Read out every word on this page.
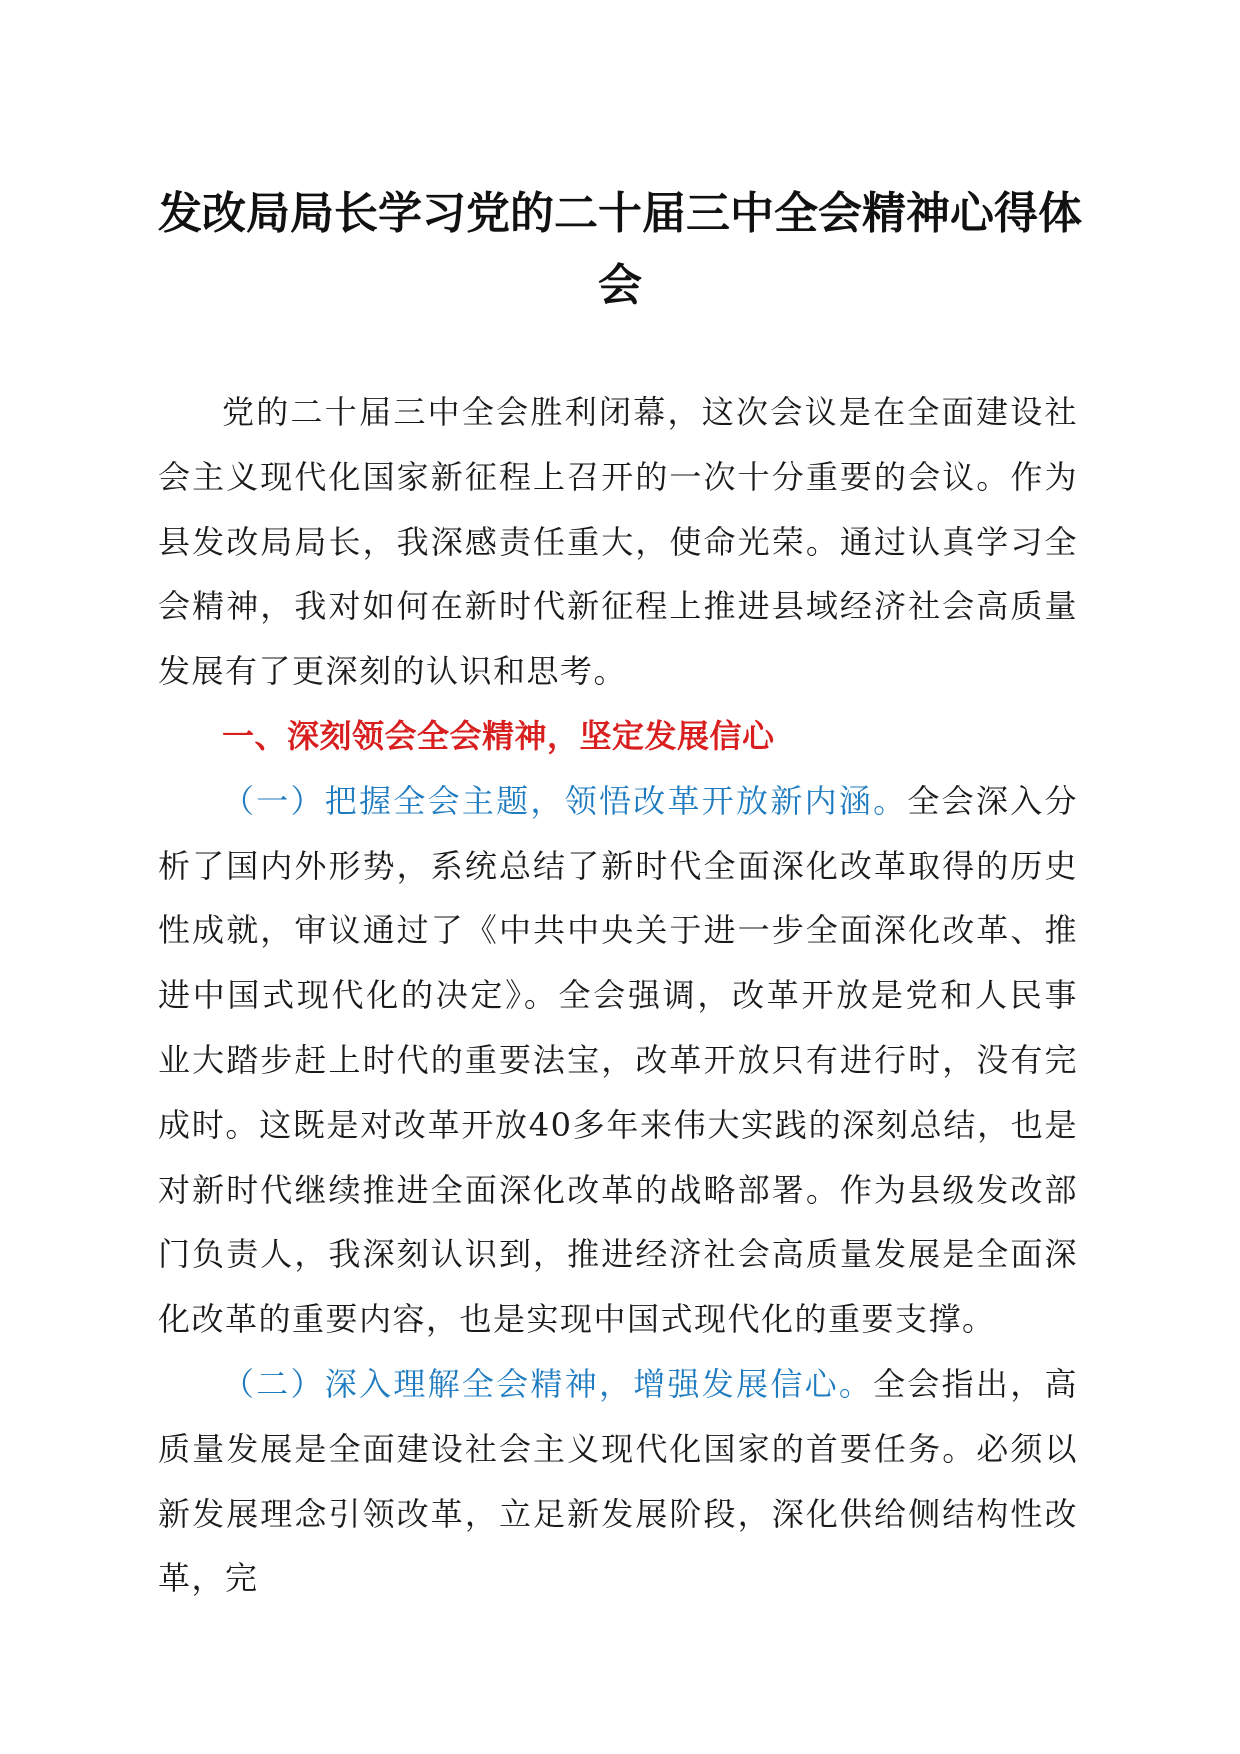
发改局局长学习党的二十届三中全会精神心得体会

党的二十届三中全会胜利闭幕，这次会议是在全面建设社会主义现代化国家新征程上召开的一次十分重要的会议。作为县发改局局长，我深感责任重大，使命光荣。通过认真学习全会精神，我对如何在新时代新征程上推进县域经济社会高质量发展有了更深刻的认识和思考。

一、深刻领会全会精神，坚定发展信心

（一）把握全会主题，领悟改革开放新内涵。全会深入分析了国内外形势，系统总结了新时代全面深化改革取得的历史性成就，审议通过了《中共中央关于进一步全面深化改革、推进中国式现代化的决定》。全会强调，改革开放是党和人民事业大踏步赶上时代的重要法宝，改革开放只有进行时，没有完成时。这既是对改革开放40多年来伟大实践的深刻总结，也是对新时代继续推进全面深化改革的战略部署。作为县级发改部门负责人，我深刻认识到，推进经济社会高质量发展是全面深化改革的重要内容，也是实现中国式现代化的重要支撑。

（二）深入理解全会精神，增强发展信心。全会指出，高质量发展是全面建设社会主义现代化国家的首要任务。必须以新发展理念引领改革，立足新发展阶段，深化供给侧结构性改革，完
